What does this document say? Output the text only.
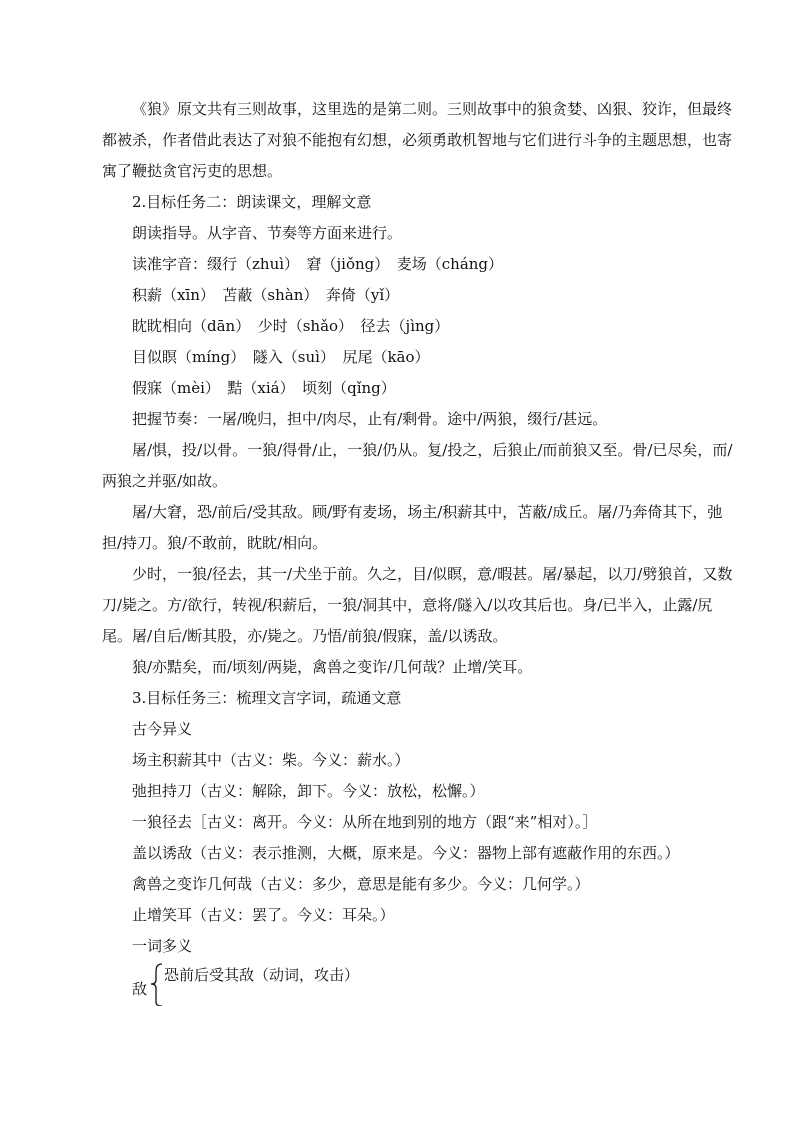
《狼》原文共有三则故事，这里选的是第二则。三则故事中的狼贪婪、凶狠、狡诈，但最终都被杀，作者借此表达了对狼不能抱有幻想，必须勇敢机智地与它们进行斗争的主题思想，也寄寓了鞭挞贪官污吏的思想。

2.目标任务二：朗读课文，理解文意

朗读指导。从字音、节奏等方面来进行。

读准字音：缀行（zhuì）　窘（jiǒng）　麦场（cháng）

积薪（xīn）　苫蔽（shàn）　奔倚（yǐ）

眈眈相向（dān）　少时（shǎo）　径去（jìng）

目似瞑（míng）　隧入（suì）　尻尾（kāo）

假寐（mèi）　黠（xiá）　顷刻（qǐng）

把握节奏：一屠/晚归，担中/肉尽，止有/剩骨。途中/两狼，缀行/甚远。

屠/惧，投/以骨。一狼/得骨/止，一狼/仍从。复/投之，后狼止/而前狼又至。骨/已尽矣，而/两狼之并驱/如故。

屠/大窘，恐/前后/受其敌。顾/野有麦场，场主/积薪其中，苫蔽/成丘。屠/乃奔倚其下，弛担/持刀。狼/不敢前，眈眈/相向。

少时，一狼/径去，其一/犬坐于前。久之，目/似瞑，意/暇甚。屠/暴起，以刀/劈狼首，又数刀/毙之。方/欲行，转视/积薪后，一狼/洞其中，意将/隧入/以攻其后也。身/已半入，止露/尻尾。屠/自后/断其股，亦/毙之。乃悟/前狼/假寐，盖/以诱敌。

狼/亦黠矣，而/顷刻/两毙，禽兽之变诈/几何哉？止增/笑耳。

3.目标任务三：梳理文言字词，疏通文意

古今异义

场主积薪其中（古义：柴。今义：薪水。）

弛担持刀（古义：解除，卸下。今义：放松，松懈。）

一狼径去［古义：离开。今义：从所在地到别的地方（跟“来”相对）。］

盖以诱敌（古义：表示推测，大概，原来是。今义：器物上部有遮蔽作用的东西。）

禽兽之变诈几何哉（古义：多少，意思是能有多少。今义：几何学。）

止增笑耳（古义：罢了。今义：耳朵。）

一词多义

敌
恐前后受其敌（动词，攻击）
